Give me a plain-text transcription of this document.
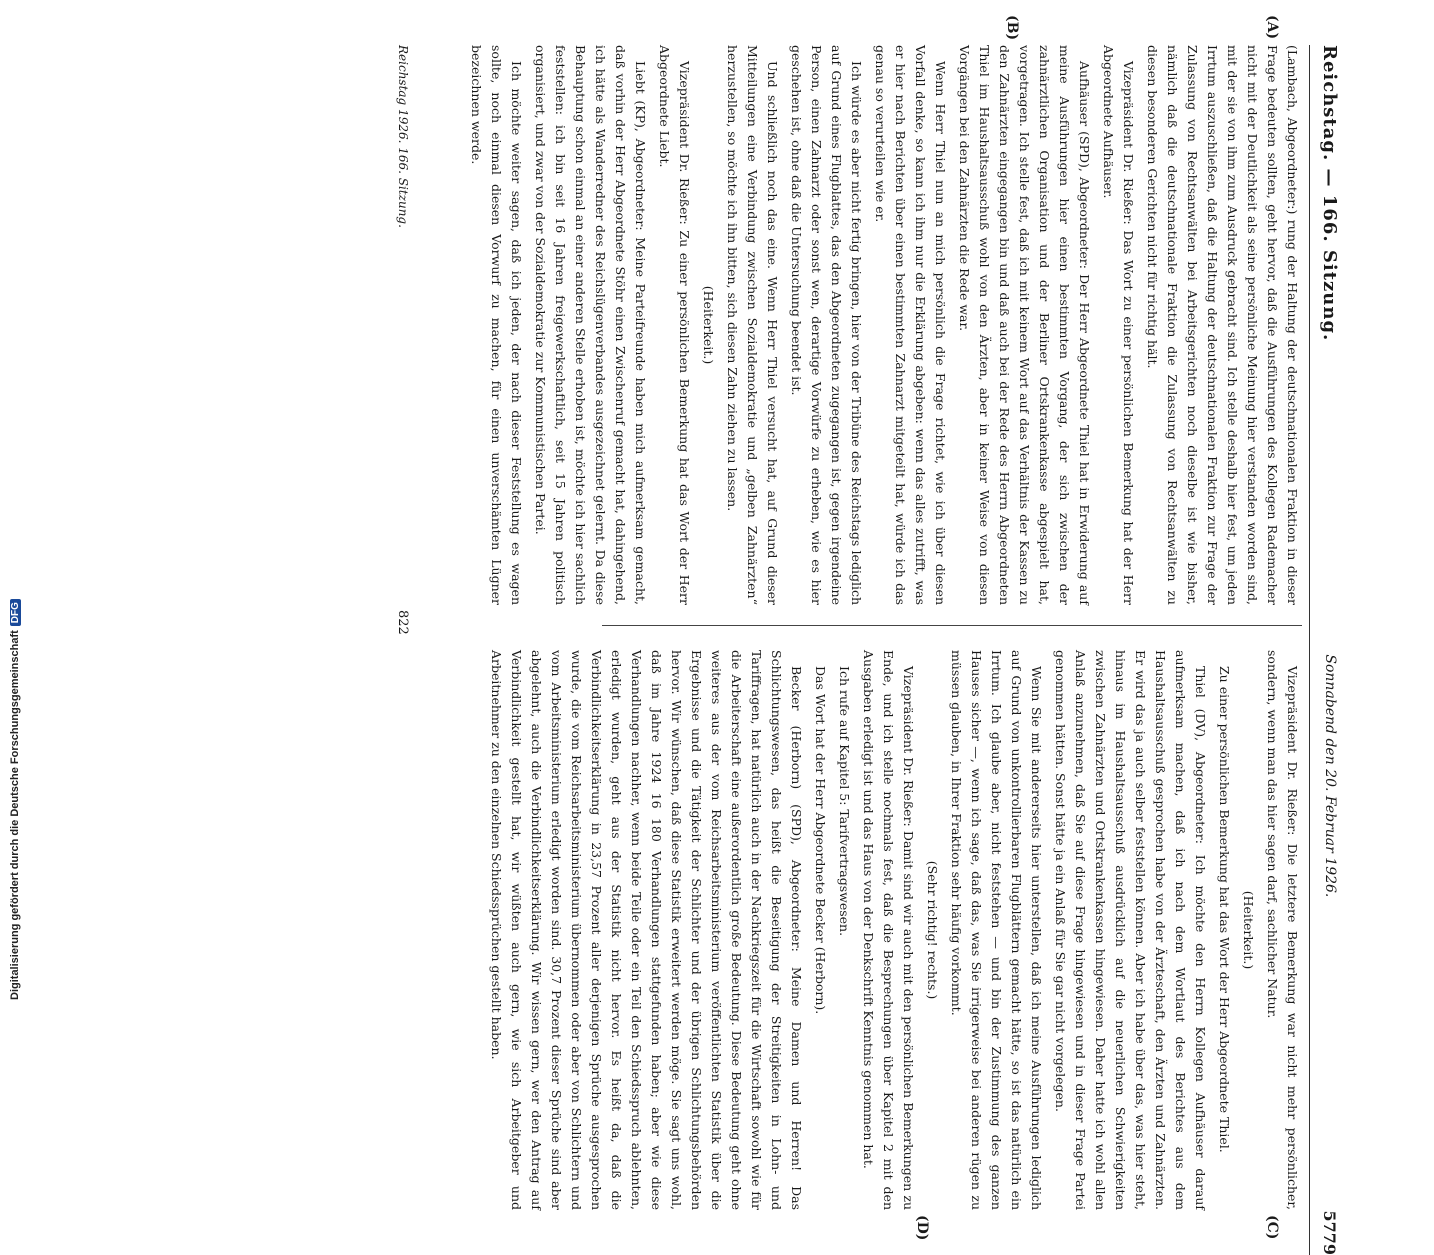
Reichstag. — 166. Sitzung.
Sonnabend den 20. Februar 1926.
5779
(A)
(B)
(C)
(D)

(Lambach, Abgeordneter:) rung der Haltung der deutschnationalen Fraktion in dieser Frage bedeuten sollten, geht hervor, daß die Ausführungen des Kollegen Rademacher nicht mit der Deutlichkeit als seine persönliche Meinung hier verstanden worden sind, mit der sie von ihm zum Ausdruck gebracht sind. Ich stelle deshalb hier fest, um jeden Irrtum auszuschließen, daß die Haltung der deutschnationalen Fraktion zur Frage der Zulassung von Rechtsanwälten bei Arbeitsgerichten noch dieselbe ist wie bisher, nämlich daß die deutschnationale Fraktion die Zulassung von Rechtsanwälten zu diesen besonderen Gerichten nicht für richtig hält.

Vizepräsident Dr. Rießer: Das Wort zu einer persönlichen Bemerkung hat der Herr Abgeordnete Aufhäuser.

Aufhäuser (SPD), Abgeordneter: Der Herr Abgeordnete Thiel hat in Erwiderung auf meine Ausführungen hier einen bestimmten Vorgang, der sich zwischen der zahnärztlichen Organisation und der Berliner Ortskrankenkasse abgespielt hat, vorgetragen. Ich stelle fest, daß ich mit keinem Wort auf das Verhältnis der Kassen zu den Zahnärzten eingegangen bin und daß auch bei der Rede des Herrn Abgeordneten Thiel im Haushaltsausschuß wohl von den Ärzten, aber in keiner Weise von diesen Vorgängen bei den Zahnärzten die Rede war.

Wenn Herr Thiel nun an mich persönlich die Frage richtet, wie ich über diesen Vorfall denke, so kann ich ihm nur die Erklärung abgeben: wenn das alles zutrifft, was er hier nach Berichten über einen bestimmten Zahnarzt mitgeteilt hat, würde ich das genau so verurteilen wie er.

Ich würde es aber nicht fertig bringen, hier von der Tribüne des Reichstags lediglich auf Grund eines Flugblattes, das den Abgeordneten zugegangen ist, gegen irgendeine Person, einen Zahnarzt oder sonst wen, derartige Vorwürfe zu erheben, wie es hier geschehen ist, ohne daß die Untersuchung beendet ist.

Und schließlich noch das eine. Wenn Herr Thiel versucht hat, auf Grund dieser Mitteilungen eine Verbindung zwischen Sozialdemokratie und „gelben Zahnärzten“ herzustellen, so möchte ich ihn bitten, sich diesen Zahn ziehen zu lassen.

(Heiterkeit.)

Vizepräsident Dr. Rießer: Zu einer persönlichen Bemerkung hat das Wort der Herr Abgeordnete Liebt.

Liebt (KP), Abgeordneter: Meine Parteifreunde haben mich aufmerksam gemacht, daß vorhin der Herr Abgeordnete Stöhr einen Zwischenruf gemacht hat, dahingehend, ich hätte als Wanderredner des Reichslügenverbandes ausgezeichnet gelernt. Da diese Behauptung schon einmal an einer anderen Stelle erhoben ist, möchte ich hier sachlich feststellen: ich bin seit 16 Jahren freigewerkschaftlich, seit 15 Jahren politisch organisiert, und zwar von der Sozialdemokratie zur Kommunistischen Partei.

Ich möchte weiter sagen, daß ich jeden, der nach dieser Feststellung es wagen sollte, noch einmal diesen Vorwurf zu machen, für einen unverschämten Lügner bezeichnen werde.

Vizepräsident Dr. Rießer: Die letztere Bemerkung war nicht mehr persönlicher, sondern, wenn man das hier sagen darf, sachlicher Natur.

(Heiterkeit.)

Zu einer persönlichen Bemerkung hat das Wort der Herr Abgeordnete Thiel.

Thiel (DV), Abgeordneter: Ich möchte den Herrn Kollegen Aufhäuser darauf aufmerksam machen, daß ich nach dem Wortlaut des Berichtes aus dem Haushaltsausschuß gesprochen habe von der Ärzteschaft, den Ärzten und Zahnärzten. Er wird das ja auch selber feststellen können. Aber ich habe über das, was hier steht, hinaus im Haushaltsausschuß ausdrücklich auf die neuerlichen Schwierigkeiten zwischen Zahnärzten und Ortskrankenkassen hingewiesen. Daher hatte ich wohl allen Anlaß anzunehmen, daß Sie auf diese Frage hingewiesen und in dieser Frage Partei genommen hätten. Sonst hätte ja ein Anlaß für Sie gar nicht vorgelegen.

Wenn Sie mit andererseits hier unterstellen, daß ich meine Ausführungen lediglich auf Grund von unkontrollierbaren Flugblättern gemacht hätte, so ist das natürlich ein Irrtum. Ich glaube aber, nicht feststehen — und bin der Zustimmung des ganzen Hauses sicher —, wenn ich sage, daß das, was Sie irrigerweise bei anderen rügen zu müssen glauben, in Ihrer Fraktion sehr häufig vorkommt.

(Sehr richtig! rechts.)

Vizepräsident Dr. Rießer: Damit sind wir auch mit den persönlichen Bemerkungen zu Ende, und ich stelle nochmals fest, daß die Besprechungen über Kapitel 2 mit den Ausgaben erledigt ist und das Haus von der Denkschrift Kenntnis genommen hat.

Ich rufe auf Kapitel 5: Tarifvertragswesen.

Das Wort hat der Herr Abgeordnete Becker (Herborn).

Becker (Herborn) (SPD), Abgeordneter: Meine Damen und Herren! Das Schlichtungswesen, das heißt die Beseitigung der Streitigkeiten in Lohn- und Tariffragen, hat natürlich auch in der Nachkriegszeit für die Wirtschaft sowohl wie für die Arbeiterschaft eine außerordentlich große Bedeutung. Diese Bedeutung geht ohne weiteres aus der vom Reichsarbeitsministerium veröffentlichten Statistik über die Ergebnisse und die Tätigkeit der Schlichter und der übrigen Schlichtungsbehörden hervor. Wir wünschen, daß diese Statistik erweitert werden möge. Sie sagt uns wohl, daß im Jahre 1924 16 180 Verhandlungen stattgefunden haben; aber wie diese Verhandlungen nachher, wenn beide Teile oder ein Teil den Schiedsspruch ablehnten, erledigt wurden, geht aus der Statistik nicht hervor. Es heißt da, daß die Verbindlichkeitserklärung in 23,57 Prozent aller derjenigen Sprüche ausgesprochen wurde, die vom Reichsarbeitsministerium übernommen oder aber von Schlichtern und vom Arbeitsministerium erledigt worden sind. 30,7 Prozent dieser Sprüche sind aber abgelehnt, auch die Verbindlichkeitserklärung. Wir wissen gern, wer den Antrag auf Verbindlichkeit gestellt hat, wir wüßten auch gern, wie sich Arbeitgeber und Arbeitnehmer zu den einzelnen Schiedssprüchen gestellt haben.

Reichstag 1926. 166. Sitzung.
822
Digitalisierung gefördert durch die Deutsche Forschungsgemeinschaft
DFG
